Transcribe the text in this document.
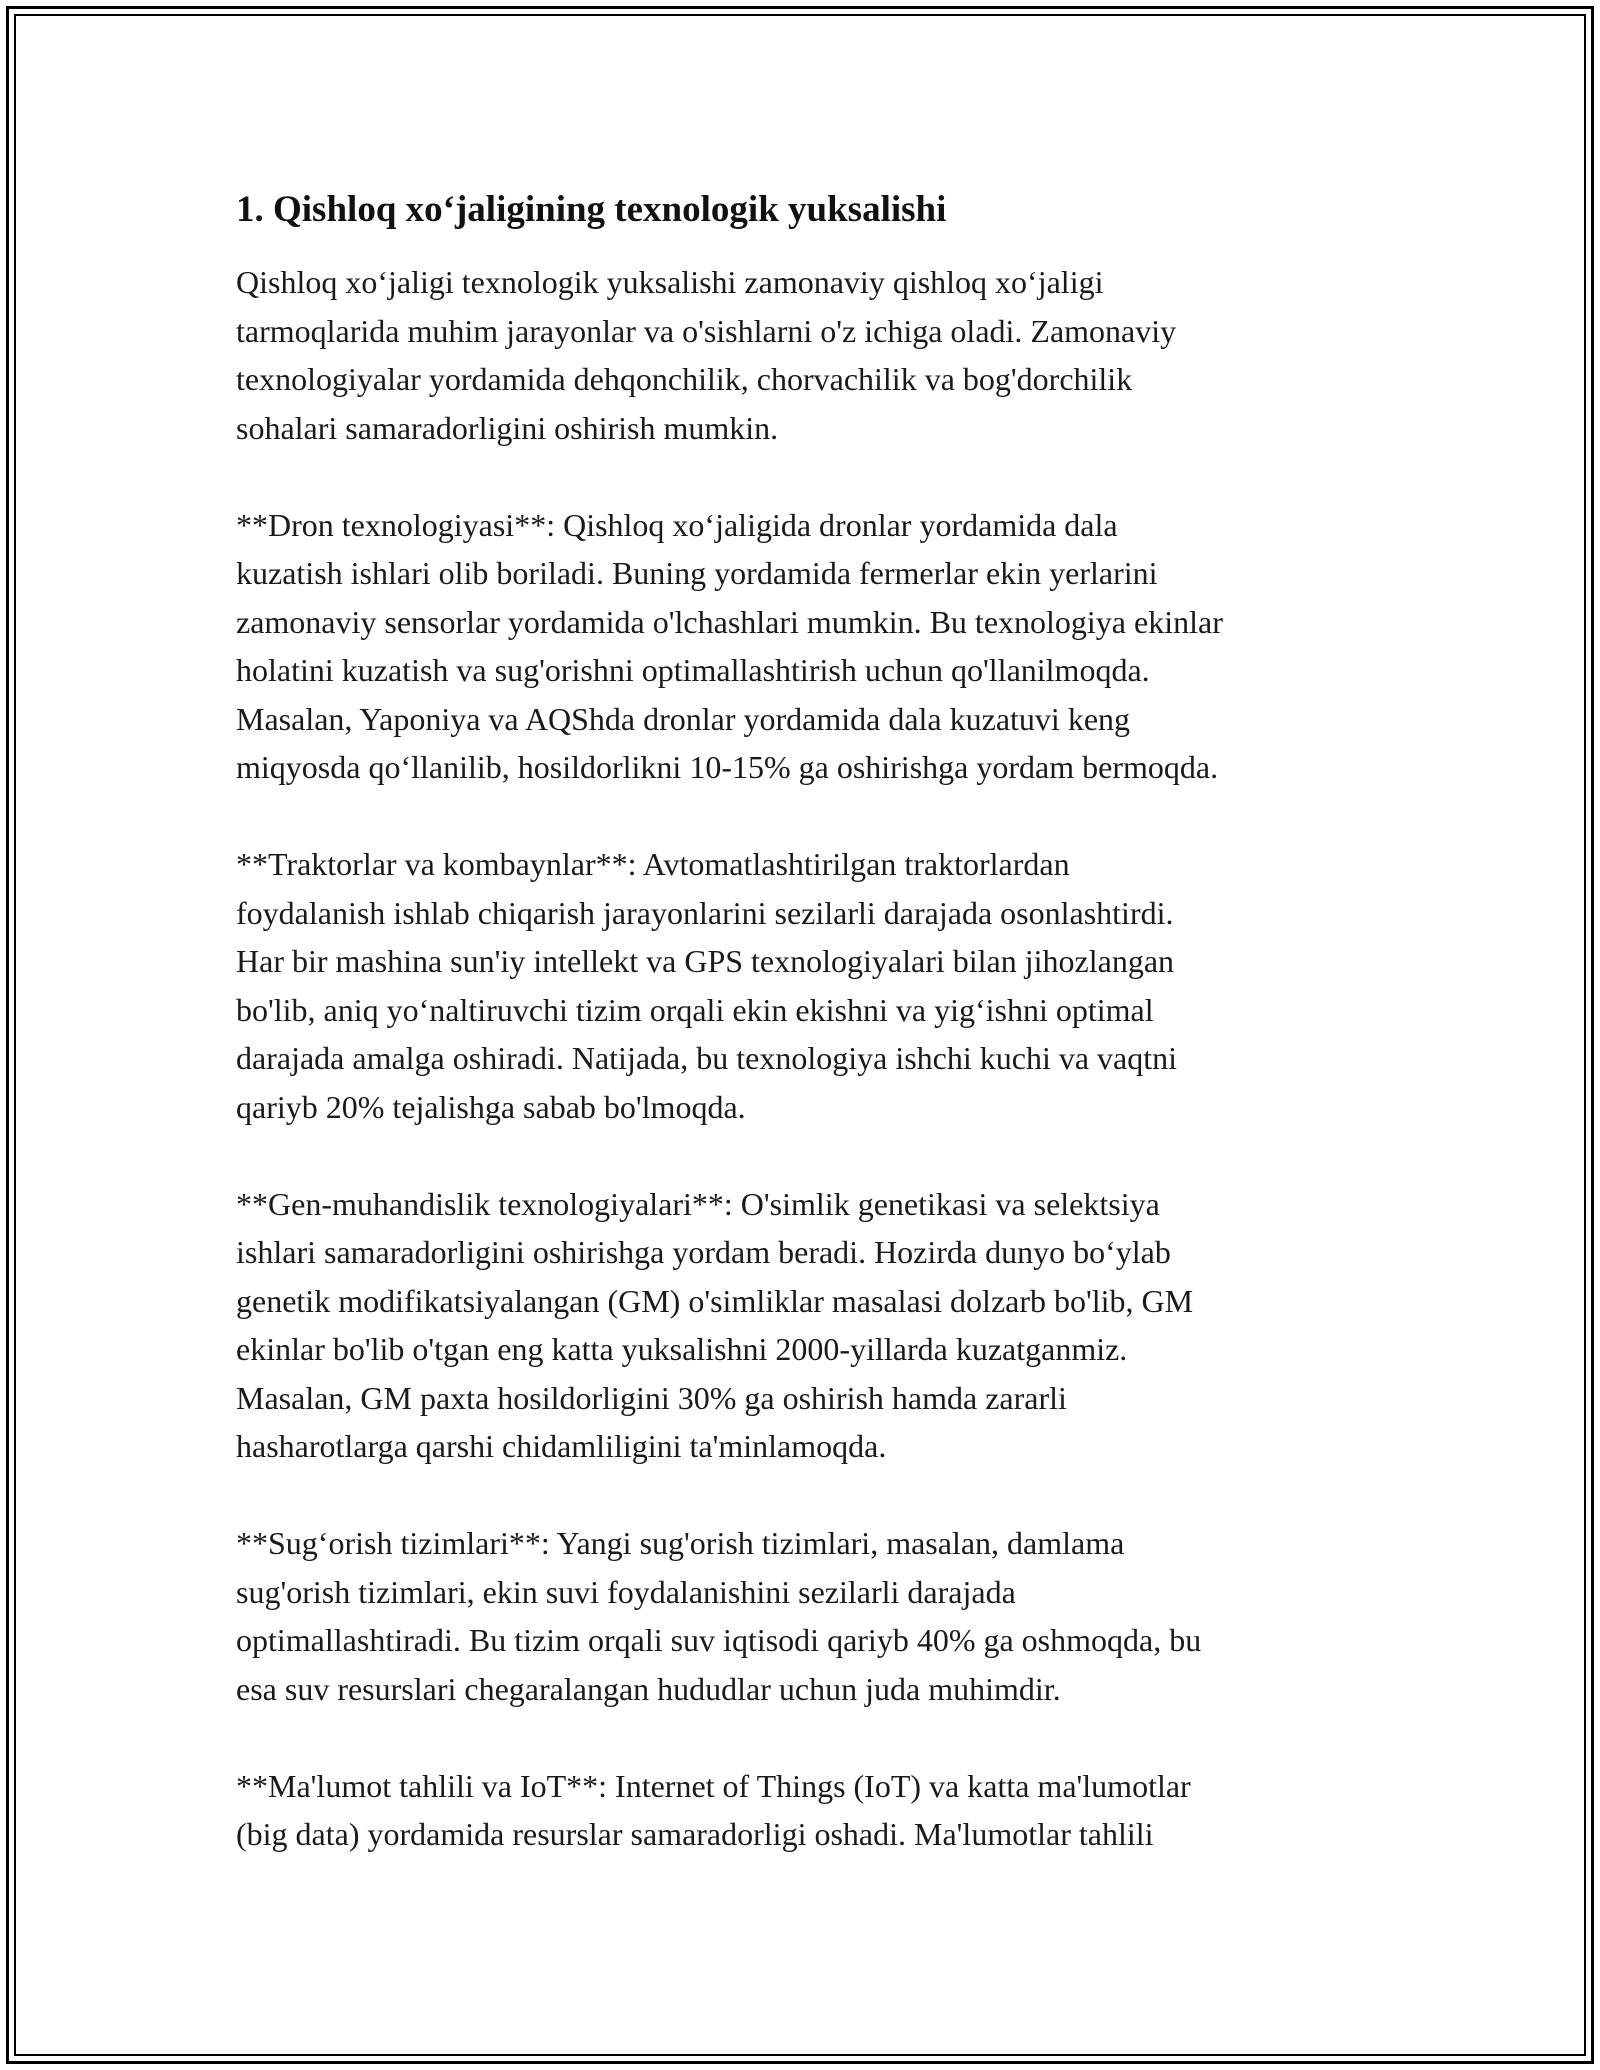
1. Qishloq xo‘jaligining texnologik yuksalishi
Qishloq xo‘jaligi texnologik yuksalishi zamonaviy qishloq xo‘jaligi
tarmoqlarida muhim jarayonlar va o'sishlarni o'z ichiga oladi. Zamonaviy
texnologiyalar yordamida dehqonchilik, chorvachilik va bog'dorchilik
sohalari samaradorligini oshirish mumkin.
**Dron texnologiyasi**: Qishloq xo‘jaligida dronlar yordamida dala
kuzatish ishlari olib boriladi. Buning yordamida fermerlar ekin yerlarini
zamonaviy sensorlar yordamida o'lchashlari mumkin. Bu texnologiya ekinlar
holatini kuzatish va sug'orishni optimallashtirish uchun qo'llanilmoqda.
Masalan, Yaponiya va AQShda dronlar yordamida dala kuzatuvi keng
miqyosda qo‘llanilib, hosildorlikni 10-15% ga oshirishga yordam bermoqda.
**Traktorlar va kombaynlar**: Avtomatlashtirilgan traktorlardan
foydalanish ishlab chiqarish jarayonlarini sezilarli darajada osonlashtirdi.
Har bir mashina sun'iy intellekt va GPS texnologiyalari bilan jihozlangan
bo'lib, aniq yo‘naltiruvchi tizim orqali ekin ekishni va yig‘ishni optimal
darajada amalga oshiradi. Natijada, bu texnologiya ishchi kuchi va vaqtni
qariyb 20% tejalishga sabab bo'lmoqda.
**Gen-muhandislik texnologiyalari**: O'simlik genetikasi va selektsiya
ishlari samaradorligini oshirishga yordam beradi. Hozirda dunyo bo‘ylab
genetik modifikatsiyalangan (GM) o'simliklar masalasi dolzarb bo'lib, GM
ekinlar bo'lib o'tgan eng katta yuksalishni 2000-yillarda kuzatganmiz.
Masalan, GM paxta hosildorligini 30% ga oshirish hamda zararli
hasharotlarga qarshi chidamliligini ta'minlamoqda.
**Sug‘orish tizimlari**: Yangi sug'orish tizimlari, masalan, damlama
sug'orish tizimlari, ekin suvi foydalanishini sezilarli darajada
optimallashtiradi. Bu tizim orqali suv iqtisodi qariyb 40% ga oshmoqda, bu
esa suv resurslari chegaralangan hududlar uchun juda muhimdir.
**Ma'lumot tahlili va IoT**: Internet of Things (IoT) va katta ma'lumotlar
(big data) yordamida resurslar samaradorligi oshadi. Ma'lumotlar tahlili
